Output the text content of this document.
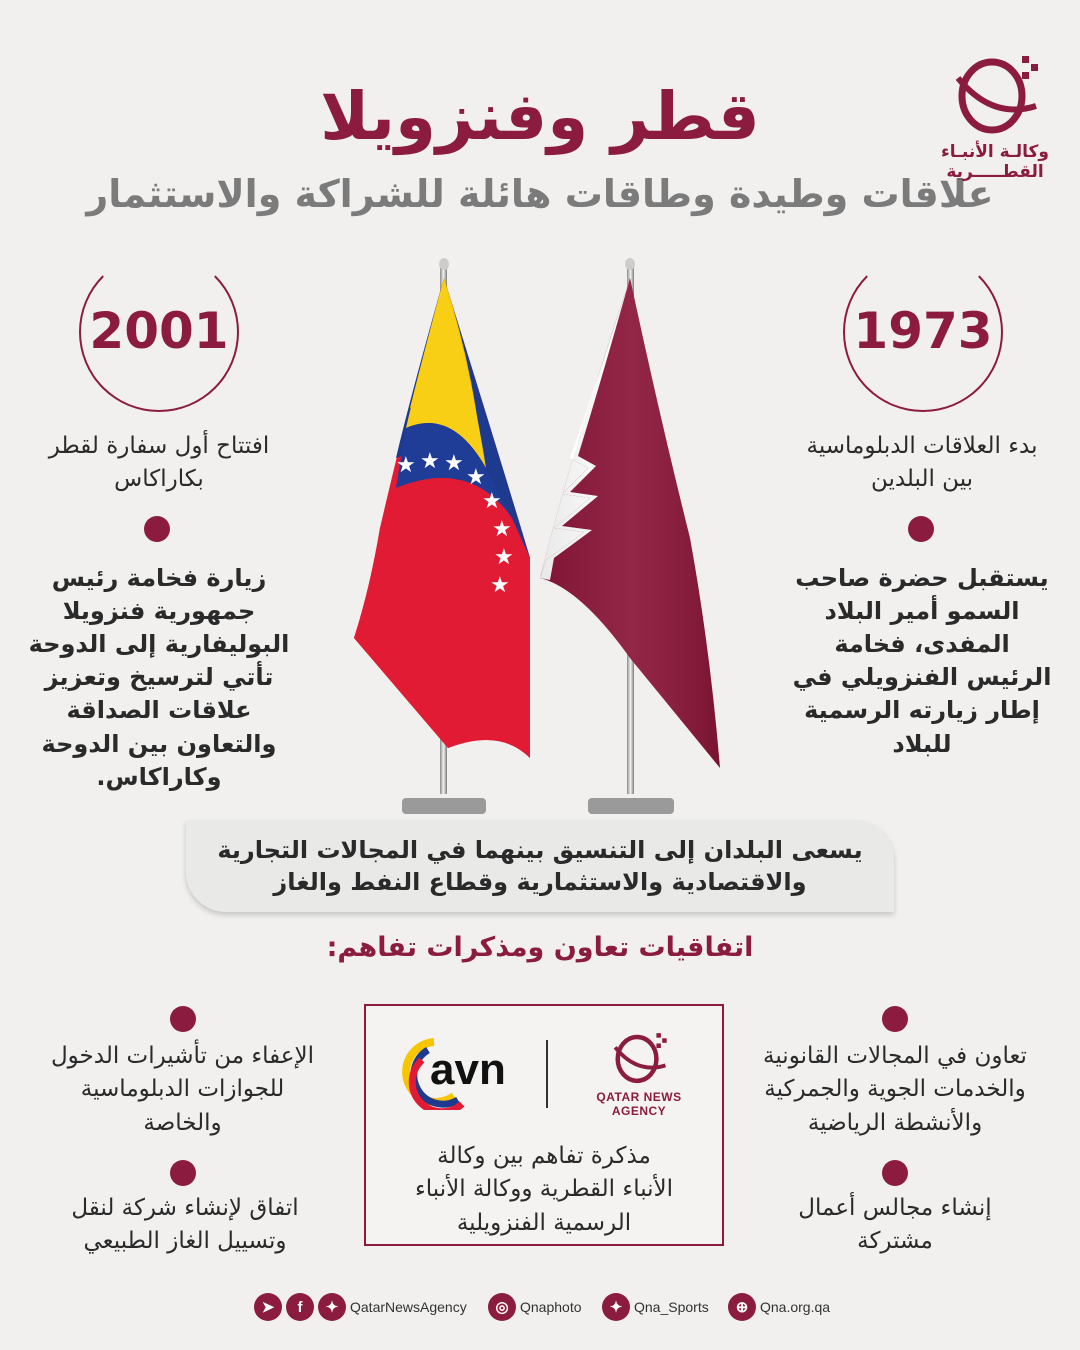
قطر وفنزويلا
علاقات وطيدة وطاقات هائلة للشراكة والاستثمار
وكالـة الأنبـاء
القطـــــرية
★ ★ ★
★
★
★
★
★
1973
بدء العلاقات الدبلوماسية بين البلدين
يستقبل حضرة صاحب السمو أمير البلاد المفدى، فخامة الرئيس الفنزويلي في إطار زيارته الرسمية للبلاد
2001
افتتاح أول سفارة لقطر بكاراكاس
زيارة فخامة رئيس جمهورية فنزويلا البوليفارية إلى الدوحة تأتي لترسيخ وتعزيز علاقات الصداقة والتعاون بين الدوحة وكاراكاس.
يسعى البلدان إلى التنسيق بينهما في المجالات التجارية والاقتصادية والاستثمارية وقطاع النفط والغاز
اتفاقيات تعاون ومذكرات تفاهم:
تعاون في المجالات القانونية والخدمات الجوية والجمركية والأنشطة الرياضية
إنشاء مجالس أعمال مشتركة
الإعفاء من تأشيرات الدخول للجوازات الدبلوماسية والخاصة
اتفاق لإنشاء شركة لنقل وتسييل الغاز الطبيعي
avn
QATAR NEWS
AGENCY
مذكرة تفاهم بين وكالة الأنباء القطرية ووكالة الأنباء الرسمية الفنزويلية
➤	f	✦ QatarNewsAgency	◎ Qnaphoto	✦ Qna_Sports	⊕ Qna.org.qa
